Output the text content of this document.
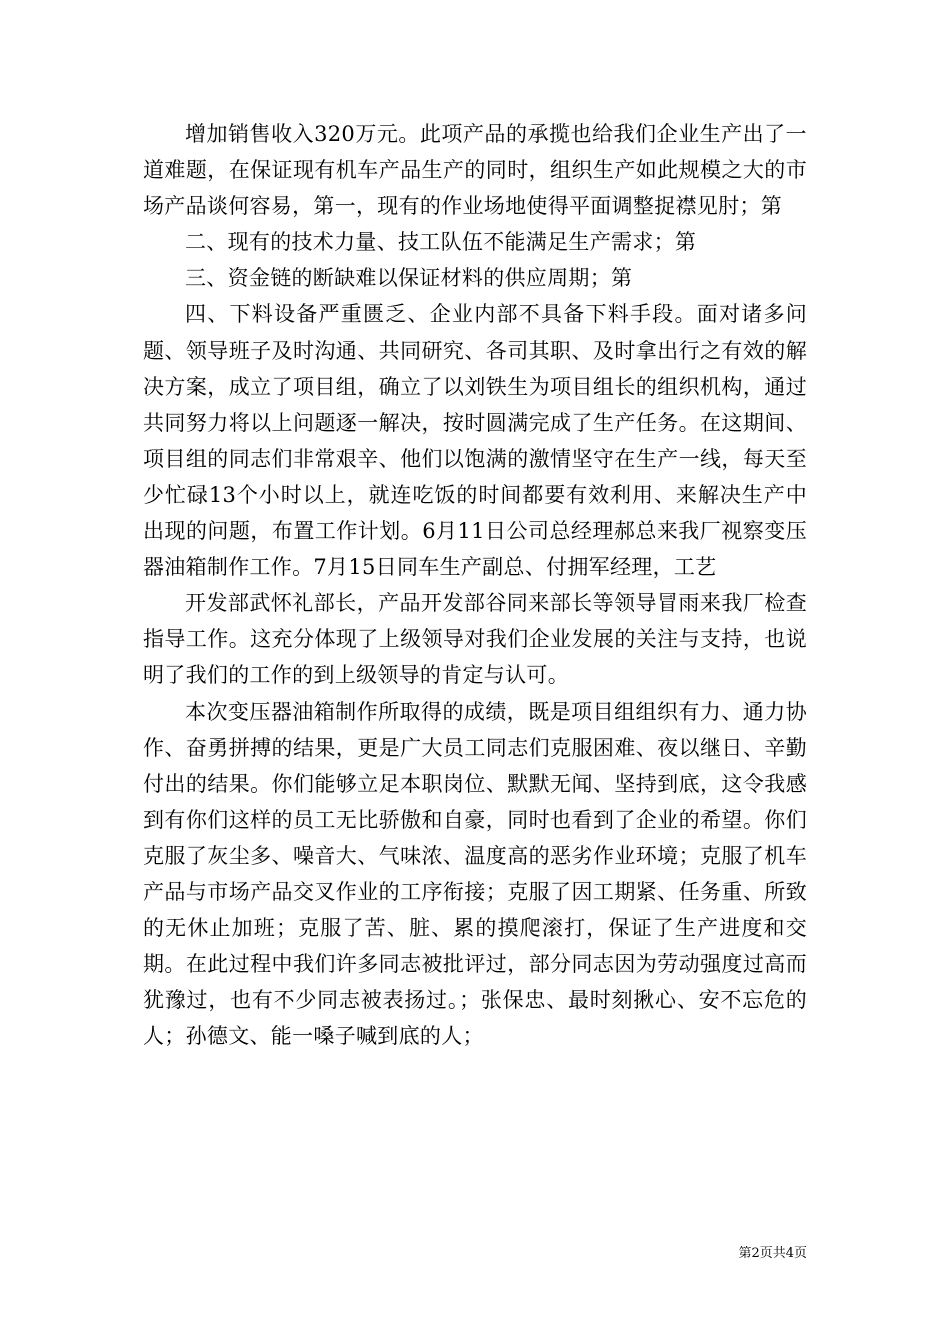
增加销售收入320万元。此项产品的承揽也给我们企业生产出了一道难题，在保证现有机车产品生产的同时，组织生产如此规模之大的市场产品谈何容易，第一，现有的作业场地使得平面调整捉襟见肘；第

二、现有的技术力量、技工队伍不能满足生产需求；第

三、资金链的断缺难以保证材料的供应周期；第

四、下料设备严重匮乏、企业内部不具备下料手段。面对诸多问题、领导班子及时沟通、共同研究、各司其职、及时拿出行之有效的解决方案，成立了项目组，确立了以刘铁生为项目组长的组织机构，通过共同努力将以上问题逐一解决，按时圆满完成了生产任务。在这期间、项目组的同志们非常艰辛、他们以饱满的激情坚守在生产一线，每天至少忙碌13个小时以上，就连吃饭的时间都要有效利用、来解决生产中出现的问题，布置工作计划。6月11日公司总经理郝总来我厂视察变压器油箱制作工作。7月15日同车生产副总、付拥军经理，工艺

开发部武怀礼部长，产品开发部谷同来部长等领导冒雨来我厂检查指导工作。这充分体现了上级领导对我们企业发展的关注与支持，也说明了我们的工作的到上级领导的肯定与认可。

本次变压器油箱制作所取得的成绩，既是项目组组织有力、通力协作、奋勇拼搏的结果，更是广大员工同志们克服困难、夜以继日、辛勤付出的结果。你们能够立足本职岗位、默默无闻、坚持到底，这令我感到有你们这样的员工无比骄傲和自豪，同时也看到了企业的希望。你们克服了灰尘多、噪音大、气味浓、温度高的恶劣作业环境；克服了机车产品与市场产品交叉作业的工序衔接；克服了因工期紧、任务重、所致的无休止加班；克服了苦、脏、累的摸爬滚打，保证了生产进度和交期。在此过程中我们许多同志被批评过，部分同志因为劳动强度过高而犹豫过，也有不少同志被表扬过。；张保忠、最时刻揪心、安不忘危的人；孙德文、能一嗓子喊到底的人；

第2页共4页
